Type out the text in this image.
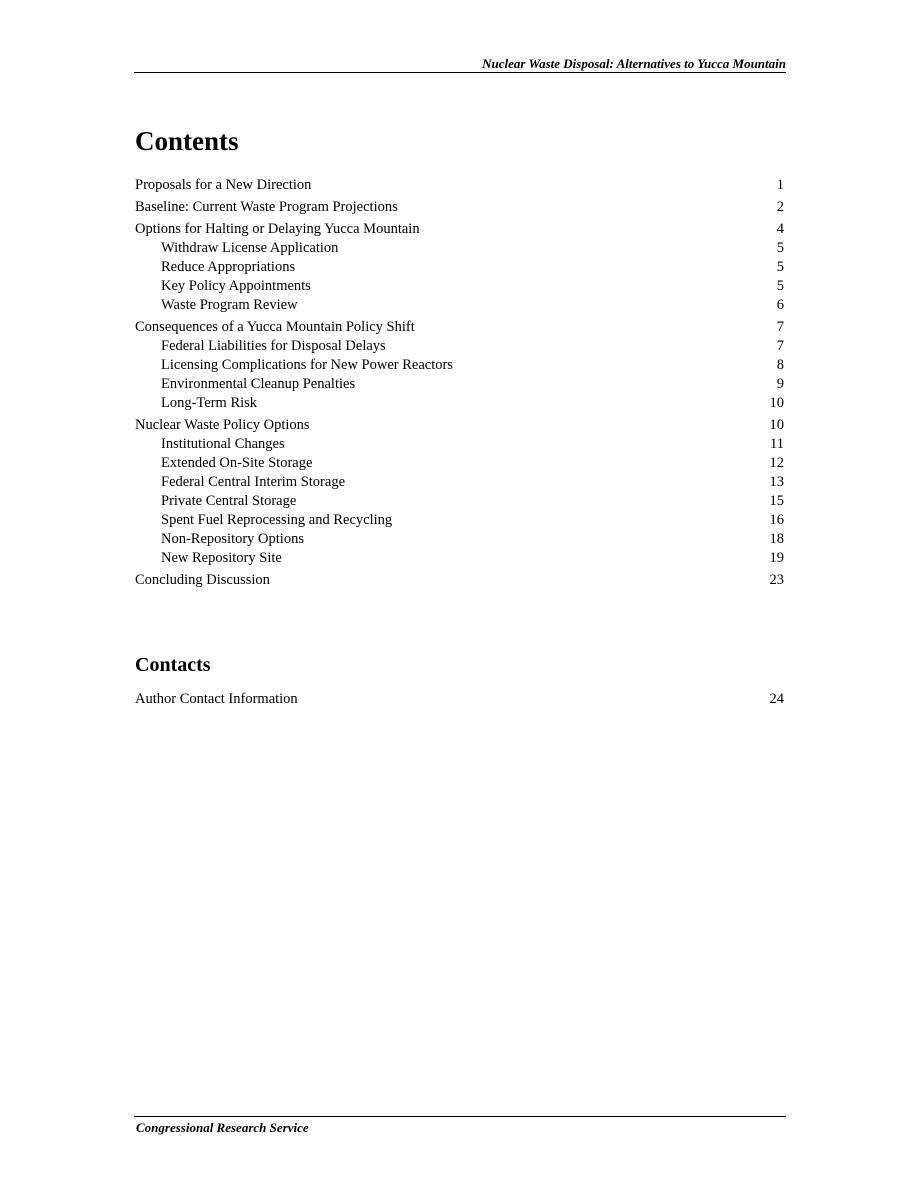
Nuclear Waste Disposal: Alternatives to Yucca Mountain
Contents
Proposals for a New Direction	1
Baseline: Current Waste Program Projections	2
Options for Halting or Delaying Yucca Mountain	4
Withdraw License Application	5
Reduce Appropriations	5
Key Policy Appointments	5
Waste Program Review	6
Consequences of a Yucca Mountain Policy Shift	7
Federal Liabilities for Disposal Delays	7
Licensing Complications for New Power Reactors	8
Environmental Cleanup Penalties	9
Long-Term Risk	10
Nuclear Waste Policy Options	10
Institutional Changes	11
Extended On-Site Storage	12
Federal Central Interim Storage	13
Private Central Storage	15
Spent Fuel Reprocessing and Recycling	16
Non-Repository Options	18
New Repository Site	19
Concluding Discussion	23
Contacts
Author Contact Information	24
Congressional Research Service
